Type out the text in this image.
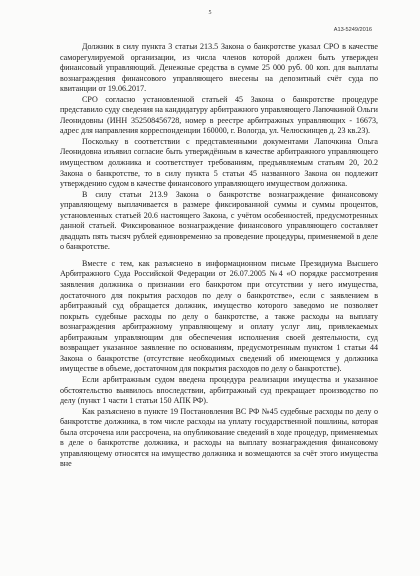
5
А13-5249/2016

Должник в силу пункта 3 статьи 213.5 Закона о банкротстве указал СРО в качестве саморегулируемой организации, из числа членов которой должен быть утвержден финансовый управляющий. Денежные средства в сумме 25 000 руб. 00 коп. для выплаты вознаграждения финансового управляющего внесены на депозитный счёт суда по квитанции от 19.06.2017.

СРО согласно установленной статьей 45 Закона о банкротстве процедуре представило суду сведения на кандидатуру арбитражного управляющего Лапочкиной Ольги Леонидовны (ИНН 352508456728, номер в реестре арбитражных управляющих - 16673, адрес для направления корреспонденции 160000, г. Вологда, ул. Челюскинцев д. 23 кв.23).

Поскольку в соответствии с представленными документами Лапочкина Ольга Леонидовна изъявил согласие быть утверждённым в качестве арбитражного управляющего имуществом должника и соответствует требованиям, предъявляемым статьям 20, 20.2 Закона о банкротстве, то в силу пункта 5 статьи 45 названного Закона он подлежит утверждению судом в качестве финансового управляющего имуществом должника.

В силу статьи 213.9 Закона о банкротстве вознаграждение финансовому управляющему выплачивается в размере фиксированной суммы и суммы процентов, установленных статьей 20.6 настоящего Закона, с учётом особенностей, предусмотренных данной статьей. Фиксированное вознаграждение финансового управляющего составляет двадцать пять тысяч рублей единовременно за проведение процедуры, применяемой в деле о банкротстве.

Вместе с тем, как разъяснено в информационном письме Президиума Высшего Арбитражного Суда Российской Федерации от 26.07.2005 №4 «О порядке рассмотрения заявления должника о признании его банкротом при отсутствии у него имущества, достаточного для покрытия расходов по делу о банкротстве», если с заявлением в арбитражный суд обращается должник, имущество которого заведомо не позволяет покрыть судебные расходы по делу о банкротстве, а также расходы на выплату вознаграждения арбитражному управляющему и оплату услуг лиц, привлекаемых арбитражным управляющим для обеспечения исполнения своей деятельности, суд возвращает указанное заявление по основаниям, предусмотренным пунктом 1 статьи 44 Закона о банкротстве (отсутствие необходимых сведений об имеющемся у должника имуществе в объеме, достаточном для покрытия расходов по делу о банкротстве).

Если арбитражным судом введена процедура реализации имущества и указанное обстоятельство выявилось впоследствии, арбитражный суд прекращает производство по делу (пункт 1 части 1 статьи 150 АПК РФ).

Как разъяснено в пункте 19 Постановления ВС РФ №45 судебные расходы по делу о банкротстве должника, в том числе расходы на уплату государственной пошлины, которая была отсрочена или рассрочена, на опубликование сведений в ходе процедур, применяемых в деле о банкротстве должника, и расходы на выплату вознаграждения финансовому управляющему относятся на имущество должника и возмещаются за счёт этого имущества вне
